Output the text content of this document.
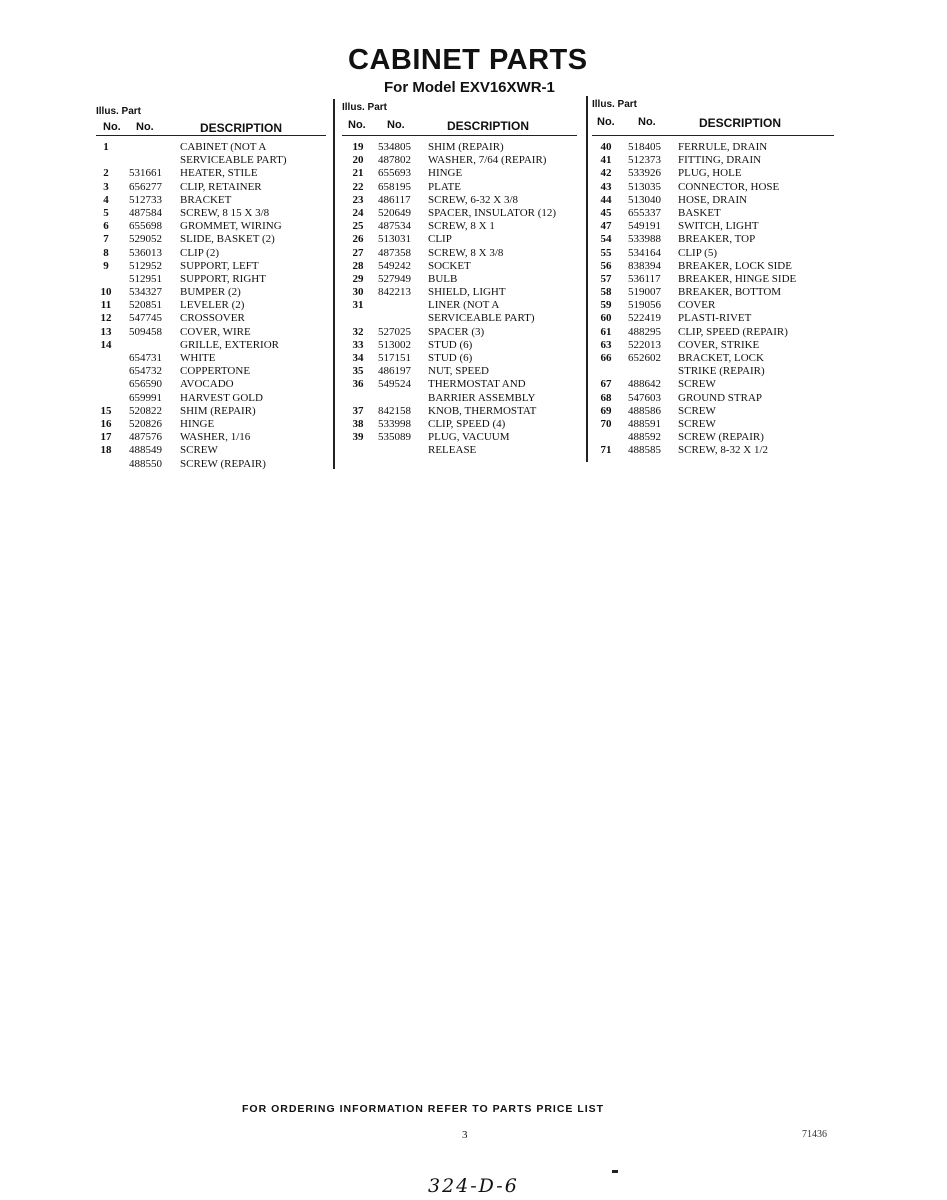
CABINET PARTS
For Model EXV16XWR-1
Illus. Part
No. No.	DESCRIPTION
1	CABINET (NOT A
SERVICEABLE PART)
2	531661 HEATER, STILE
3	656277 CLIP, RETAINER
4	512733 BRACKET
5	487584 SCREW, 8 15 X 3/8
6	655698 GROMMET, WIRING
7	529052 SLIDE, BASKET (2)
8	536013 CLIP (2)
9	512952 SUPPORT, LEFT
512951 SUPPORT, RIGHT
10	534327 BUMPER (2)
11	520851 LEVELER (2)
12	547745 CROSSOVER
13	509458 COVER, WIRE
14	GRILLE, EXTERIOR
654731 WHITE
654732 COPPERTONE
656590 AVOCADO
659991 HARVEST GOLD
15	520822 SHIM (REPAIR)
16	520826 HINGE
17	487576 WASHER, 1/16
18	488549 SCREW
488550 SCREW (REPAIR)
Illus. Part
No. No.	DESCRIPTION
19	534805 SHIM (REPAIR)
20	487802 WASHER, 7/64 (REPAIR)
21	655693 HINGE
22	658195 PLATE
23	486117 SCREW, 6-32 X 3/8
24	520649 SPACER, INSULATOR (12)
25	487534 SCREW, 8 X 1
26	513031 CLIP
27	487358 SCREW, 8 X 3/8
28	549242 SOCKET
29	527949 BULB
30	842213 SHIELD, LIGHT
31	LINER (NOT A
SERVICEABLE PART)
32	527025 SPACER (3)
33	513002 STUD (6)
34	517151 STUD (6)
35	486197 NUT, SPEED
36	549524 THERMOSTAT AND
BARRIER ASSEMBLY
37	842158 KNOB, THERMOSTAT
38	533998 CLIP, SPEED (4)
39	535089 PLUG, VACUUM
RELEASE
Illus. Part
No. No.	DESCRIPTION
40	518405 FERRULE, DRAIN
41	512373 FITTING, DRAIN
42	533926 PLUG, HOLE
43	513035 CONNECTOR, HOSE
44	513040 HOSE, DRAIN
45	655337 BASKET
47	549191 SWITCH, LIGHT
54	533988 BREAKER, TOP
55	534164 CLIP (5)
56	838394 BREAKER, LOCK SIDE
57	536117 BREAKER, HINGE SIDE
58	519007 BREAKER, BOTTOM
59	519056 COVER
60	522419 PLASTI-RIVET
61	488295 CLIP, SPEED (REPAIR)
63	522013 COVER, STRIKE
66	652602 BRACKET, LOCK
STRIKE (REPAIR)
67	488642 SCREW
68	547603 GROUND STRAP
69	488586 SCREW
70	488591 SCREW
488592 SCREW (REPAIR)
71	488585 SCREW, 8-32 X 1/2
FOR ORDERING INFORMATION REFER TO PARTS PRICE LIST
3	71436
324-D-6
